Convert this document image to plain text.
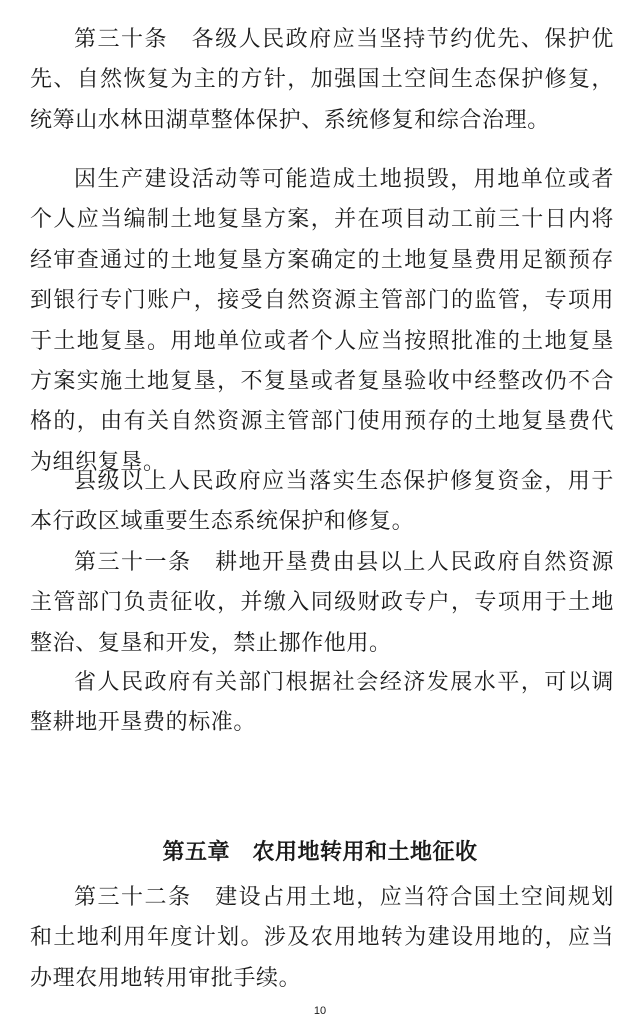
第三十条　各级人民政府应当坚持节约优先、保护优先、自然恢复为主的方针，加强国土空间生态保护修复，统筹山水林田湖草整体保护、系统修复和综合治理。

因生产建设活动等可能造成土地损毁，用地单位或者个人应当编制土地复垦方案，并在项目动工前三十日内将经审查通过的土地复垦方案确定的土地复垦费用足额预存到银行专门账户，接受自然资源主管部门的监管，专项用于土地复垦。用地单位或者个人应当按照批准的土地复垦方案实施土地复垦，不复垦或者复垦验收中经整改仍不合格的，由有关自然资源主管部门使用预存的土地复垦费代为组织复垦。

县级以上人民政府应当落实生态保护修复资金，用于本行政区域重要生态系统保护和修复。

第三十一条　耕地开垦费由县以上人民政府自然资源主管部门负责征收，并缴入同级财政专户，专项用于土地整治、复垦和开发，禁止挪作他用。

省人民政府有关部门根据社会经济发展水平，可以调整耕地开垦费的标准。

第五章　农用地转用和土地征收

第三十二条　建设占用土地，应当符合国土空间规划和土地利用年度计划。涉及农用地转为建设用地的，应当办理农用地转用审批手续。

10
